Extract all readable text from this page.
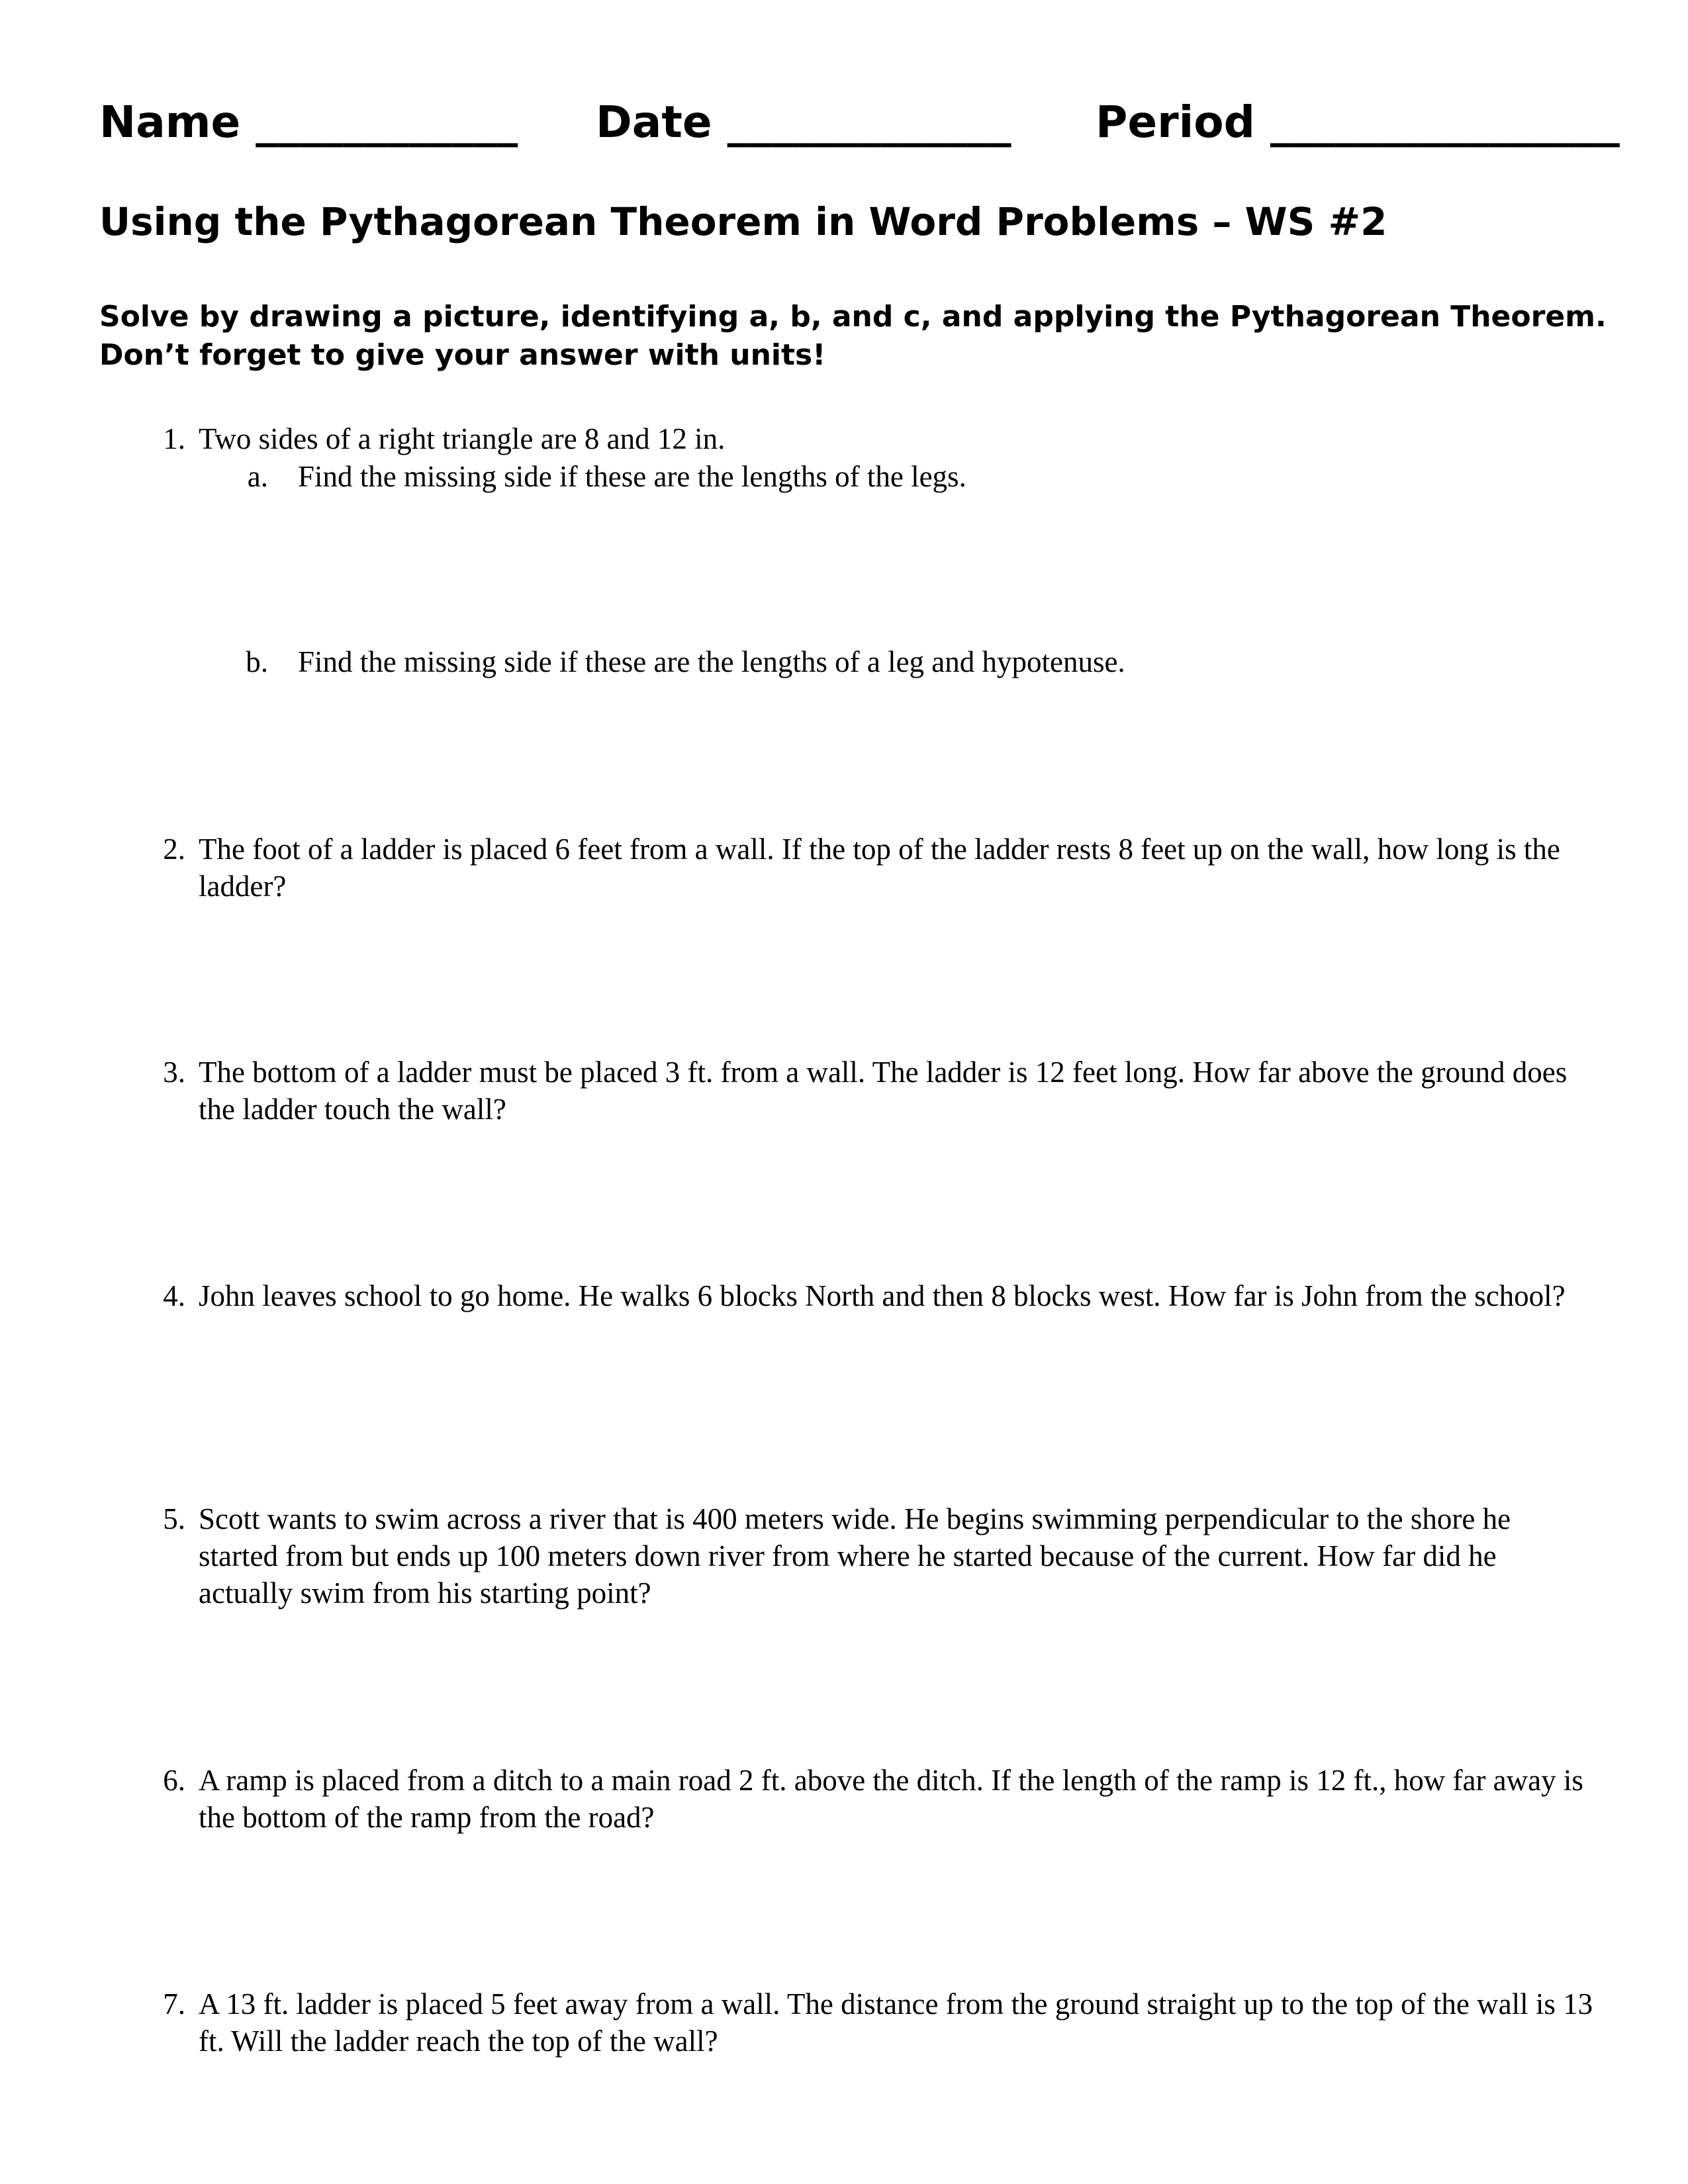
Name ____________ Date _____________ Period ________________
Using the Pythagorean Theorem in Word Problems – WS #2
Solve by drawing a picture, identifying a, b, and c, and applying the Pythagorean Theorem.
Don’t forget to give your answer with units!
1. Two sides of a right triangle are 8 and 12 in.
a. Find the missing side if these are the lengths of the legs.
b. Find the missing side if these are the lengths of a leg and hypotenuse.
2. The foot of a ladder is placed 6 feet from a wall. If the top of the ladder rests 8 feet up on the wall, how long is the ladder?
3. The bottom of a ladder must be placed 3 ft. from a wall. The ladder is 12 feet long. How far above the ground does the ladder touch the wall?
4. John leaves school to go home. He walks 6 blocks North and then 8 blocks west. How far is John from the school?
5. Scott wants to swim across a river that is 400 meters wide. He begins swimming perpendicular to the shore he started from but ends up 100 meters down river from where he started because of the current. How far did he actually swim from his starting point?
6. A ramp is placed from a ditch to a main road 2 ft. above the ditch. If the length of the ramp is 12 ft., how far away is the bottom of the ramp from the road?
7. A 13 ft. ladder is placed 5 feet away from a wall. The distance from the ground straight up to the top of the wall is 13 ft. Will the ladder reach the top of the wall?
